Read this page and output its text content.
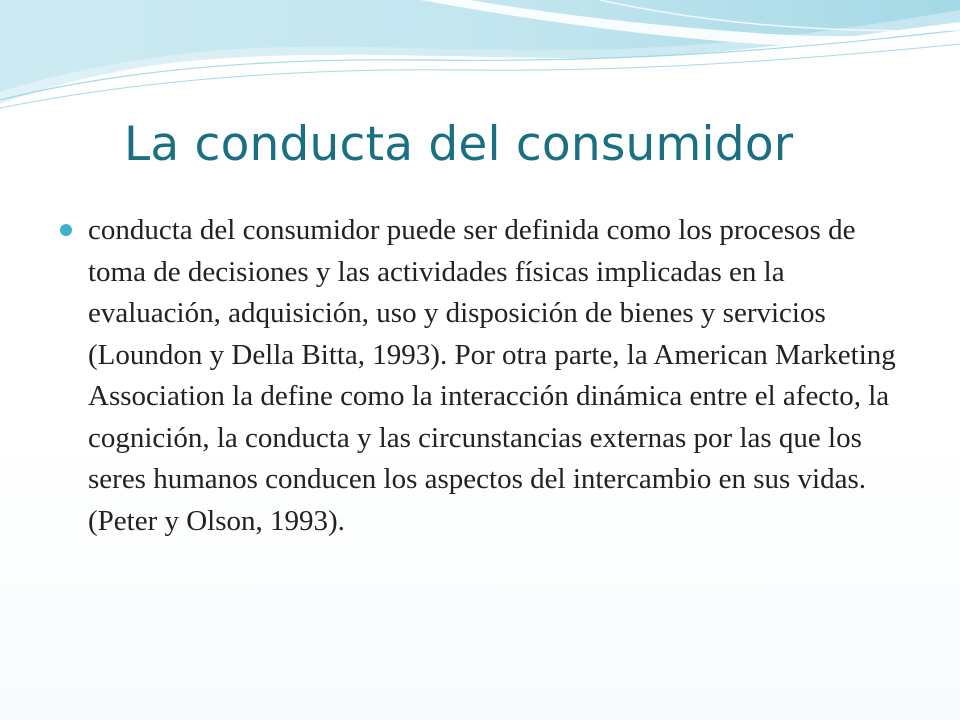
La conducta del consumidor

conducta del consumidor puede ser definida como los procesos de toma de decisiones y las actividades físicas implicadas en la evaluación, adquisición, uso y disposición de bienes y servicios (Loundon y Della Bitta, 1993). Por otra parte, la American Marketing Association la define como la interacción dinámica entre el afecto, la cognición, la conducta y las circunstancias externas por las que los seres humanos conducen los aspectos del intercambio en sus vidas. (Peter y Olson, 1993).
